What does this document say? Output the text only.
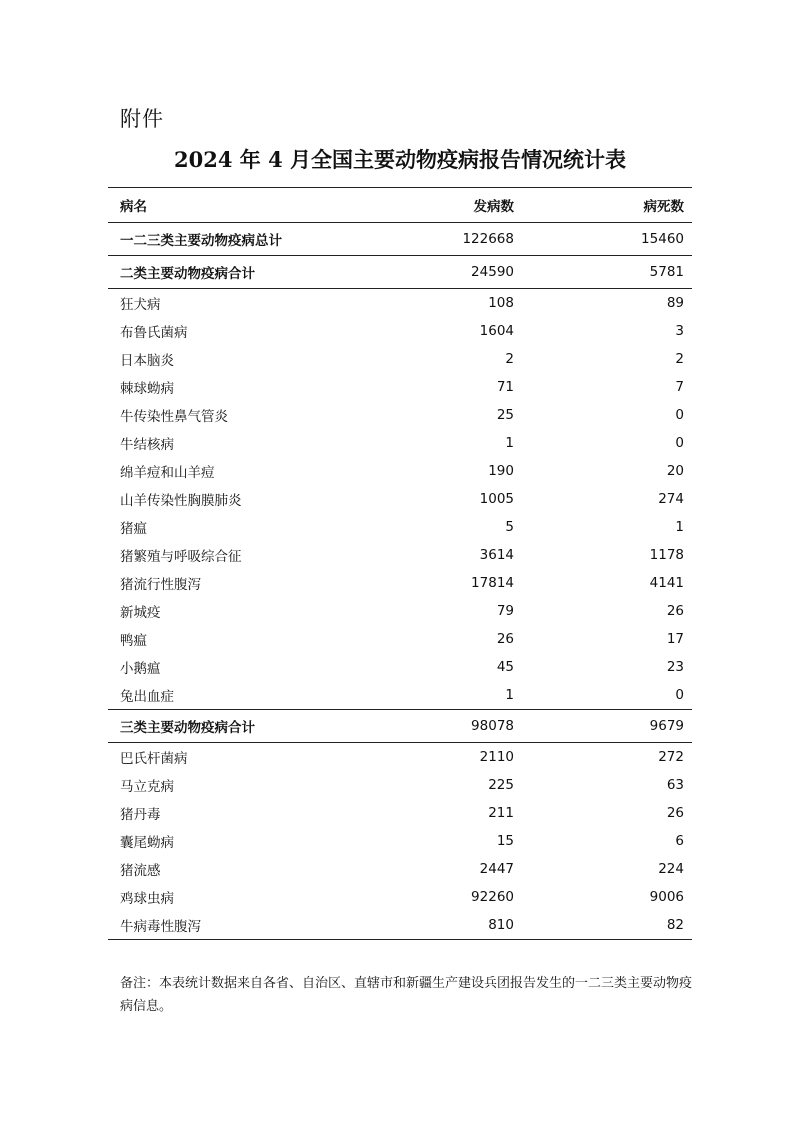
附件
2024 年 4 月全国主要动物疫病报告情况统计表
病名	发病数	病死数
一二三类主要动物疫病总计	122668	15460
二类主要动物疫病合计	24590	5781
狂犬病	108	89
布鲁氏菌病	1604	3
日本脑炎	2	2
棘球蚴病	71	7
牛传染性鼻气管炎	25	0
牛结核病	1	0
绵羊痘和山羊痘	190	20
山羊传染性胸膜肺炎	1005	274
猪瘟	5	1
猪繁殖与呼吸综合征	3614	1178
猪流行性腹泻	17814	4141
新城疫	79	26
鸭瘟	26	17
小鹅瘟	45	23
兔出血症	1	0
三类主要动物疫病合计	98078	9679
巴氏杆菌病	2110	272
马立克病	225	63
猪丹毒	211	26
囊尾蚴病	15	6
猪流感	2447	224
鸡球虫病	92260	9006
牛病毒性腹泻	810	82
备注：本表统计数据来自各省、自治区、直辖市和新疆生产建设兵团报告发生的一二三类主要动物疫病信息。
